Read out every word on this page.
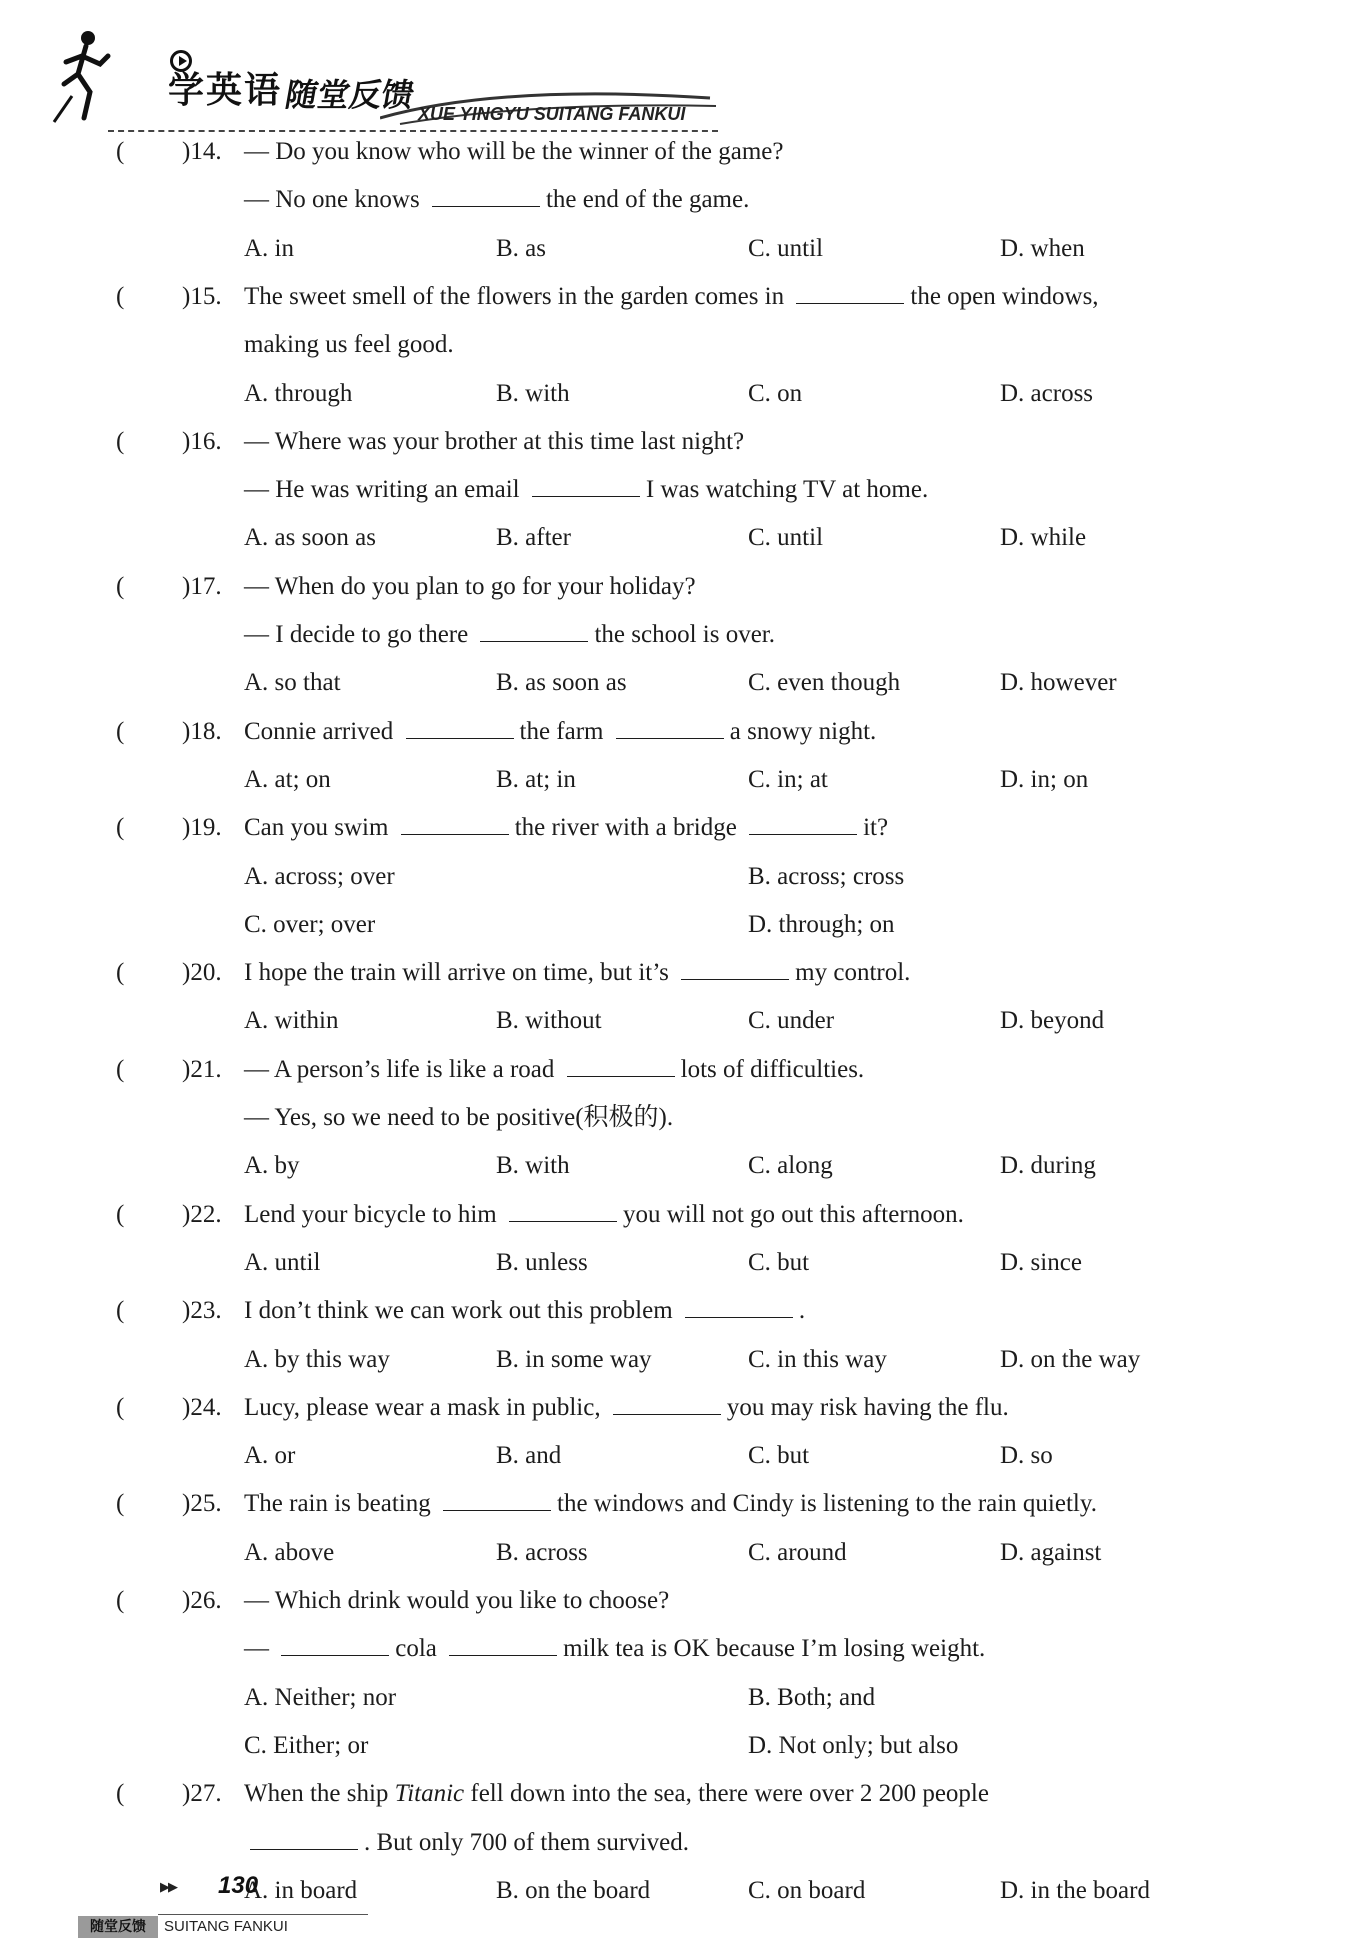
学英语 随堂反馈 XUE YINGYU SUITANG FANKUI
( )14. — Do you know who will be the winner of the game?
— No one knows	the end of the game.
A. in	B. as	C. until	D. when
( )15. The sweet smell of the flowers in the garden comes in	the open windows,
making us feel good.
A. through	B. with	C. on	D. across
( )16. — Where was your brother at this time last night?
— He was writing an email	I was watching TV at home.
A. as soon as	B. after	C. until	D. while
( )17. — When do you plan to go for your holiday?
— I decide to go there	the school is over.
A. so that	B. as soon as	C. even though	D. however
( )18. Connie arrived	the farm	a snowy night.
A. at; on	B. at; in	C. in; at	D. in; on
( )19. Can you swim	the river with a bridge	it?
A. across; over	B. across; cross
C. over; over	D. through; on
( )20. I hope the train will arrive on time, but it’s	my control.
A. within	B. without	C. under	D. beyond
( )21. — A person’s life is like a road	lots of difficulties.
— Yes, so we need to be positive(积极的).
A. by	B. with	C. along	D. during
( )22. Lend your bicycle to him	you will not go out this afternoon.
A. until	B. unless	C. but	D. since
( )23. I don’t think we can work out this problem	.
A. by this way	B. in some way	C. in this way	D. on the way
( )24. Lucy, please wear a mask in public,	you may risk having the flu.
A. or	B. and	C. but	D. so
( )25. The rain is beating	the windows and Cindy is listening to the rain quietly.
A. above	B. across	C. around	D. against
( )26. — Which drink would you like to choose?
—	cola	milk tea is OK because I’m losing weight.
A. Neither; nor	B. Both; and
C. Either; or	D. Not only; but also
( )27. When the ship Titanic fell down into the sea, there were over 2 200 people
. But only 700 of them survived.
A. in board	B. on the board	C. on board	D. in the board
▶▶ 130
随堂反馈	SUITANG FANKUI
